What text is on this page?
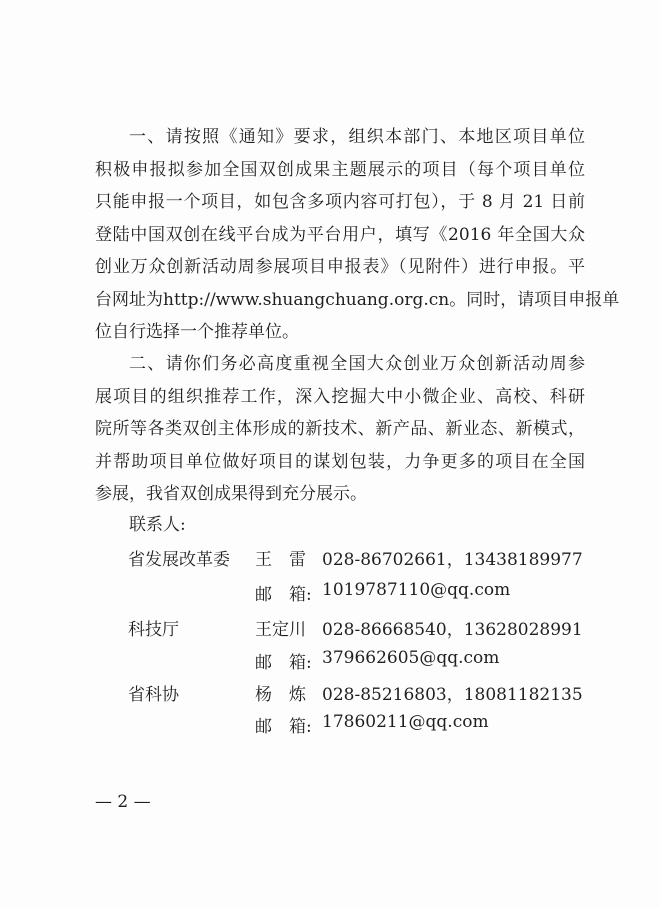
一、请按照《通知》要求，组织本部门、本地区项目单位
积极申报拟参加全国双创成果主题展示的项目（每个项目单位
只能申报一个项目，如包含多项内容可打包），于 8 月 21 日前
登陆中国双创在线平台成为平台用户，填写《2016 年全国大众
创业万众创新活动周参展项目申报表》（见附件）进行申报。平
台网址为http://www.shuangchuang.org.cn。同时，请项目申报单
位自行选择一个推荐单位。

二、请你们务必高度重视全国大众创业万众创新活动周参
展项目的组织推荐工作，深入挖掘大中小微企业、高校、科研
院所等各类双创主体形成的新技术、新产品、新业态、新模式，
并帮助项目单位做好项目的谋划包装，力争更多的项目在全国
参展，我省双创成果得到充分展示。

联系人:
省发展改革委 王　雷 028-86702661，13438189977
邮　箱: 1019787110@qq.com
科技厅	王定川 028-86668540，13628028991
邮　箱: 379662605@qq.com
省科协	杨　炼 028-85216803，18081182135
邮　箱: 17860211@qq.com
— 2 —
